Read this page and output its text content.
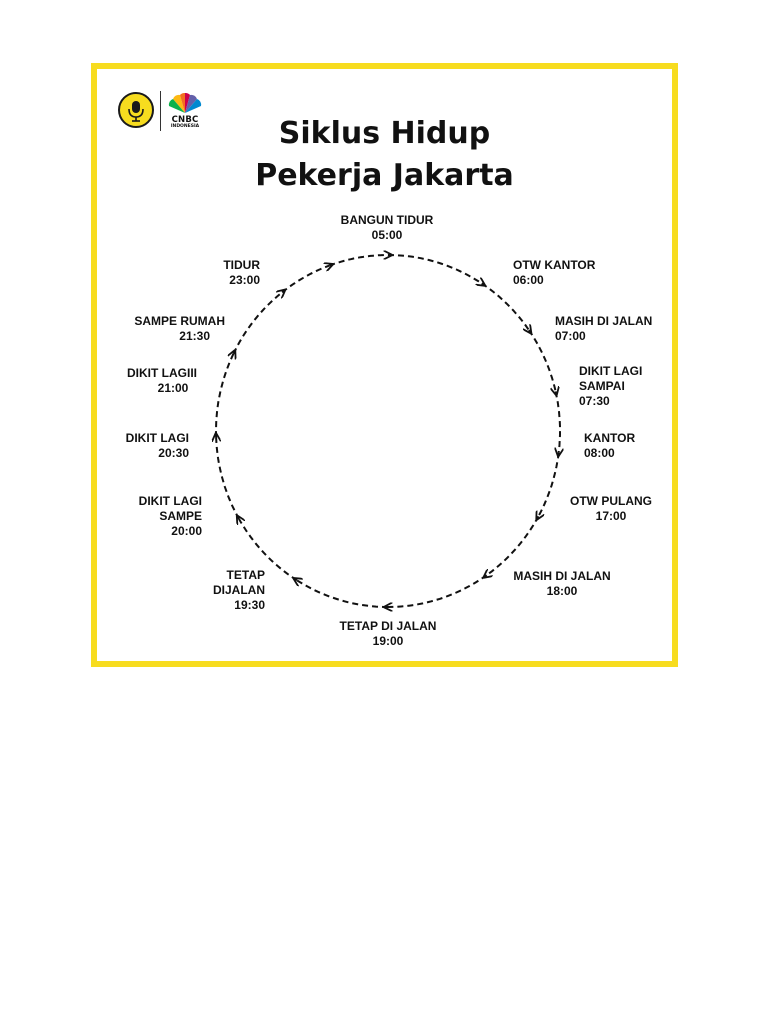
CNBC
INDONESIA	Siklus Hidup
Pekerja Jakarta
BANGUN TIDUR
05:00
OTW KANTOR
06:00
MASIH DI JALAN
07:00
DIKIT LAGI
SAMPAI
07:30
KANTOR
08:00
OTW PULANG
17:00
MASIH DI JALAN
18:00
TETAP DI JALAN
19:00
TETAP
DIJALAN
19:30
DIKIT LAGI
SAMPE
20:00
DIKIT LAGI
20:30
DIKIT LAGIII
21:00
SAMPE RUMAH
21:30
TIDUR
23:00
